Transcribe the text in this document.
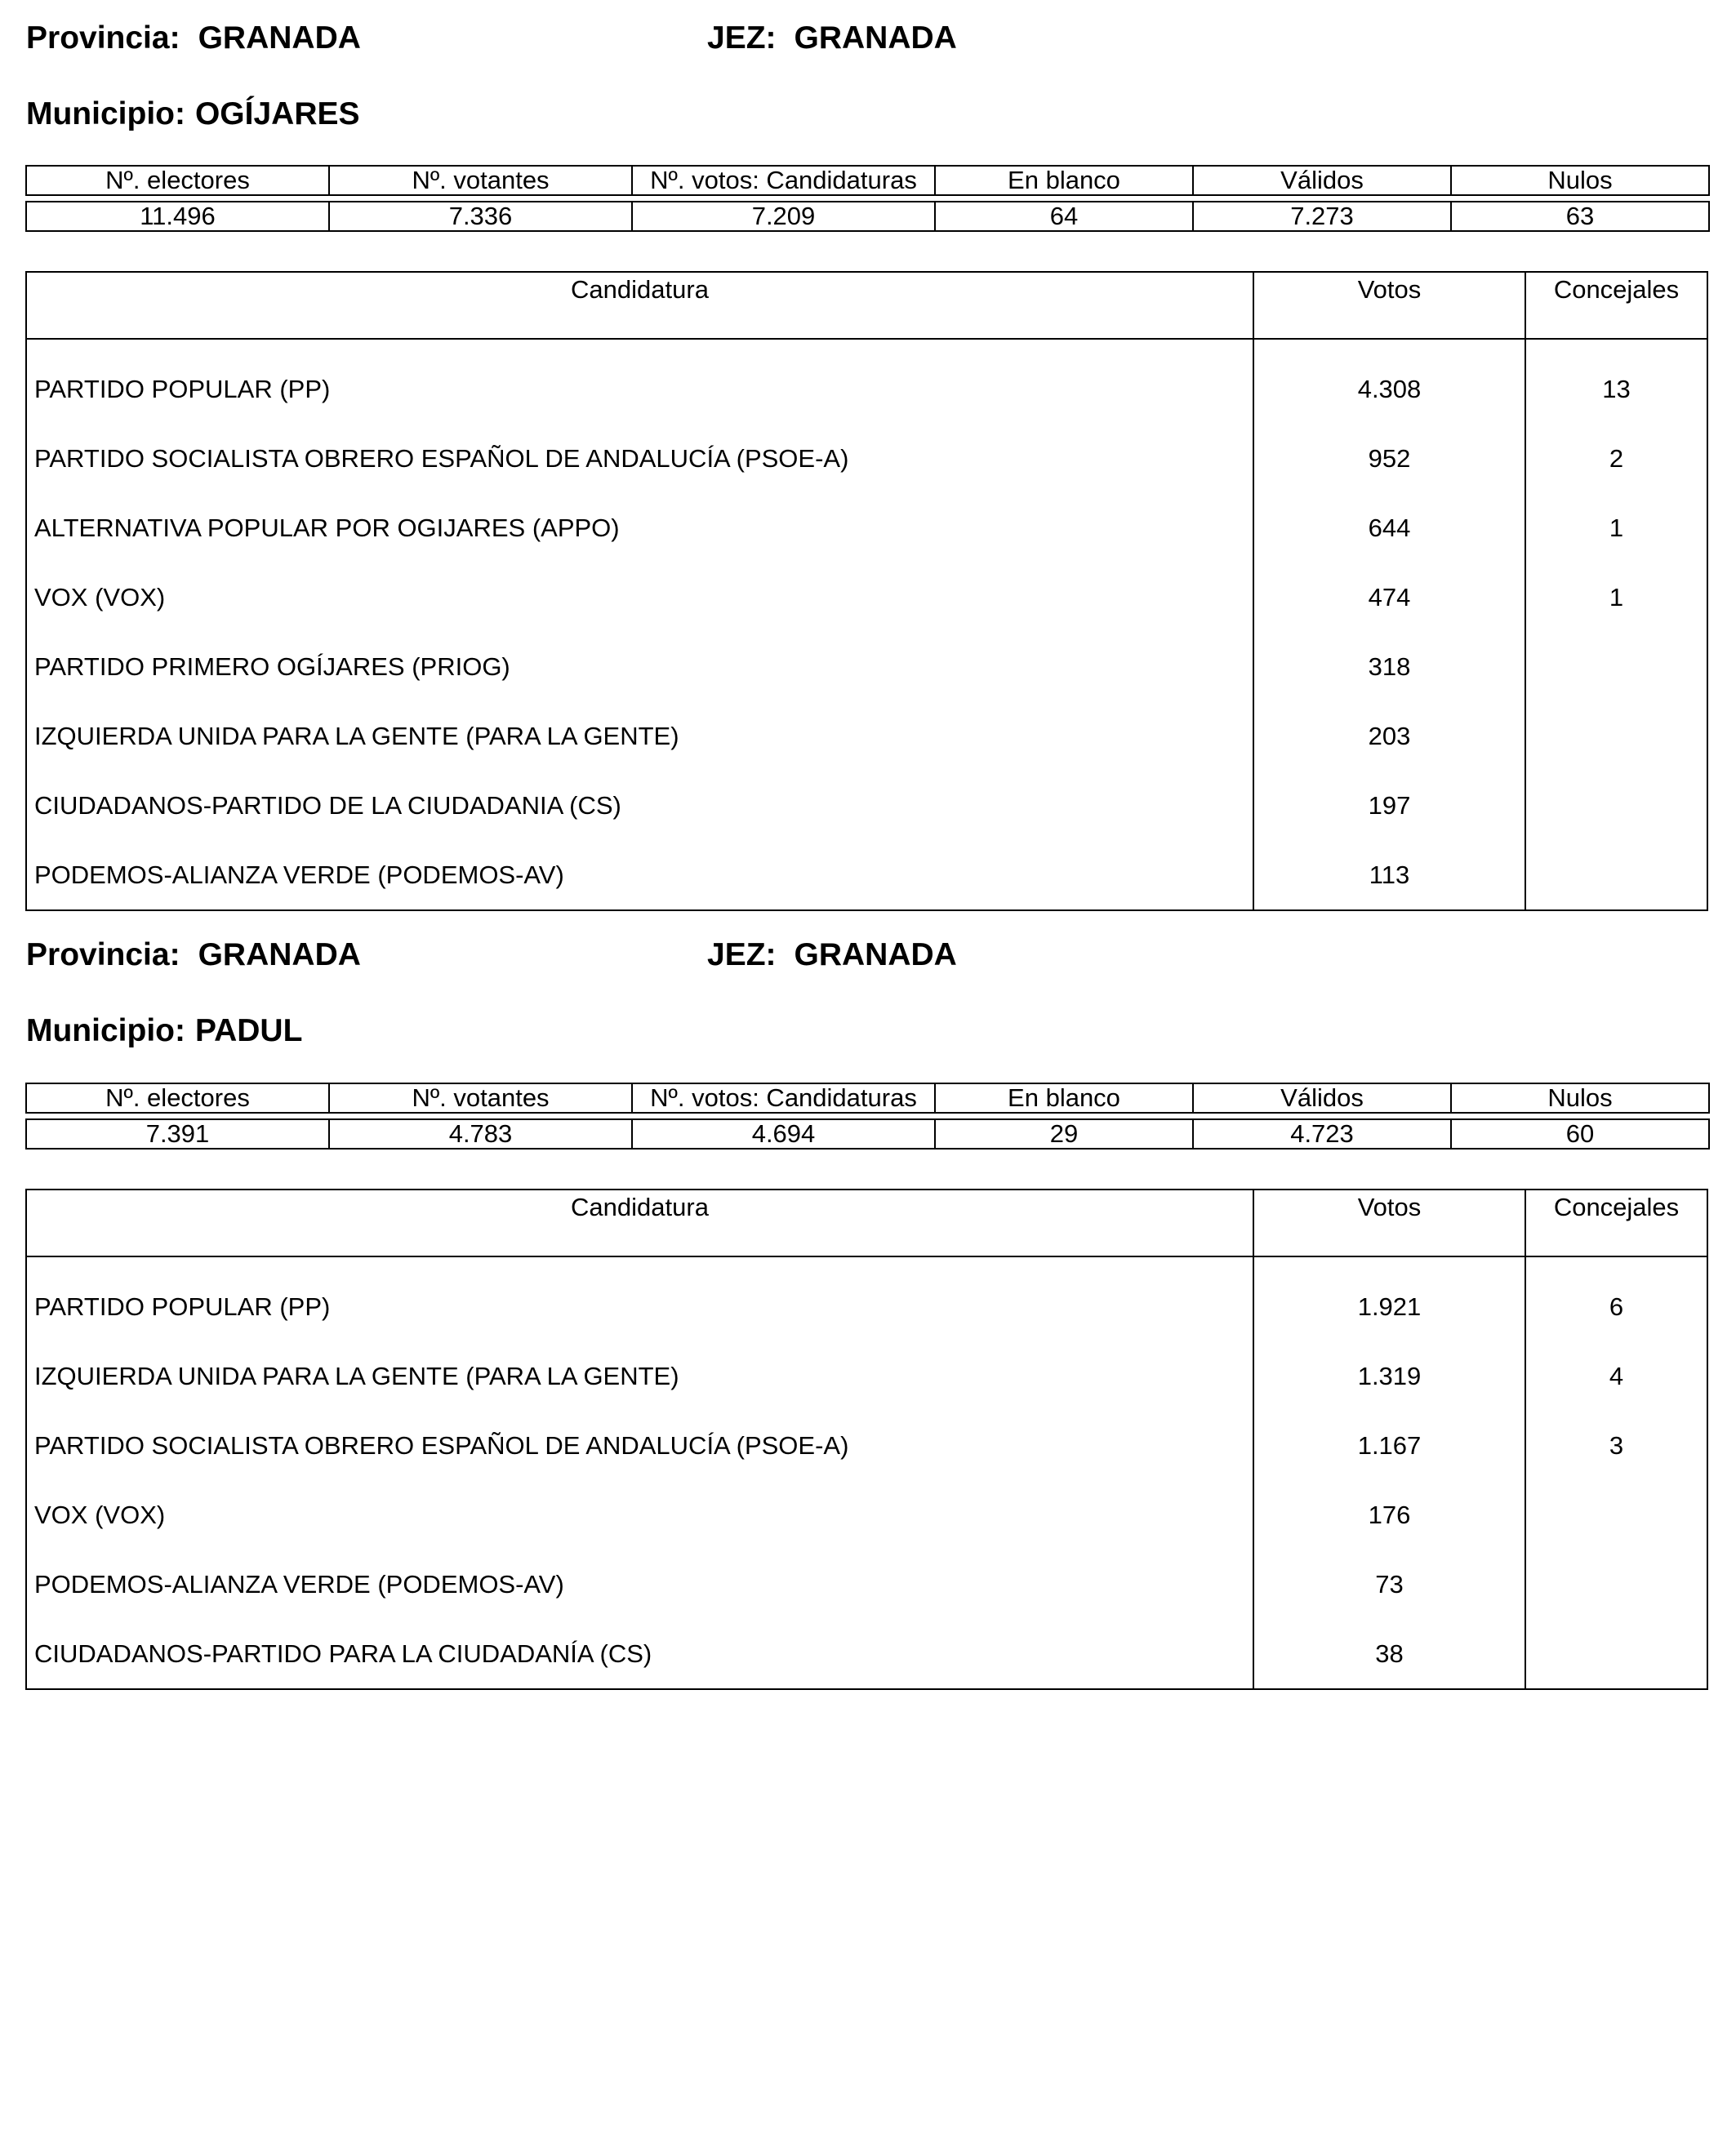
Provincia: GRANADA	JEZ: GRANADA
Municipio: OGÍJARES
Nº. electores	Nº. votantes	Nº. votos: Candidaturas	En blanco	Válidos	Nulos

11.496	7.336	7.209	64	7.273	63
Candidatura	Votos	Concejales
PARTIDO POPULAR (PP)	4.308	13
PARTIDO SOCIALISTA OBRERO ESPAÑOL DE ANDALUCÍA (PSOE-A)	952	2
ALTERNATIVA POPULAR POR OGIJARES (APPO)	644	1
VOX (VOX)	474	1
PARTIDO PRIMERO OGÍJARES (PRIOG)	318
IZQUIERDA UNIDA PARA LA GENTE (PARA LA GENTE)	203
CIUDADANOS-PARTIDO DE LA CIUDADANIA (CS)	197
PODEMOS-ALIANZA VERDE (PODEMOS-AV)	113
Provincia: GRANADA	JEZ: GRANADA
Municipio: PADUL
Nº. electores	Nº. votantes	Nº. votos: Candidaturas	En blanco	Válidos	Nulos

7.391	4.783	4.694	29	4.723	60
Candidatura	Votos	Concejales
PARTIDO POPULAR (PP)	1.921	6
IZQUIERDA UNIDA PARA LA GENTE (PARA LA GENTE)	1.319	4
PARTIDO SOCIALISTA OBRERO ESPAÑOL DE ANDALUCÍA (PSOE-A)	1.167	3
VOX (VOX)	176
PODEMOS-ALIANZA VERDE (PODEMOS-AV)	73
CIUDADANOS-PARTIDO PARA LA CIUDADANÍA (CS)	38
